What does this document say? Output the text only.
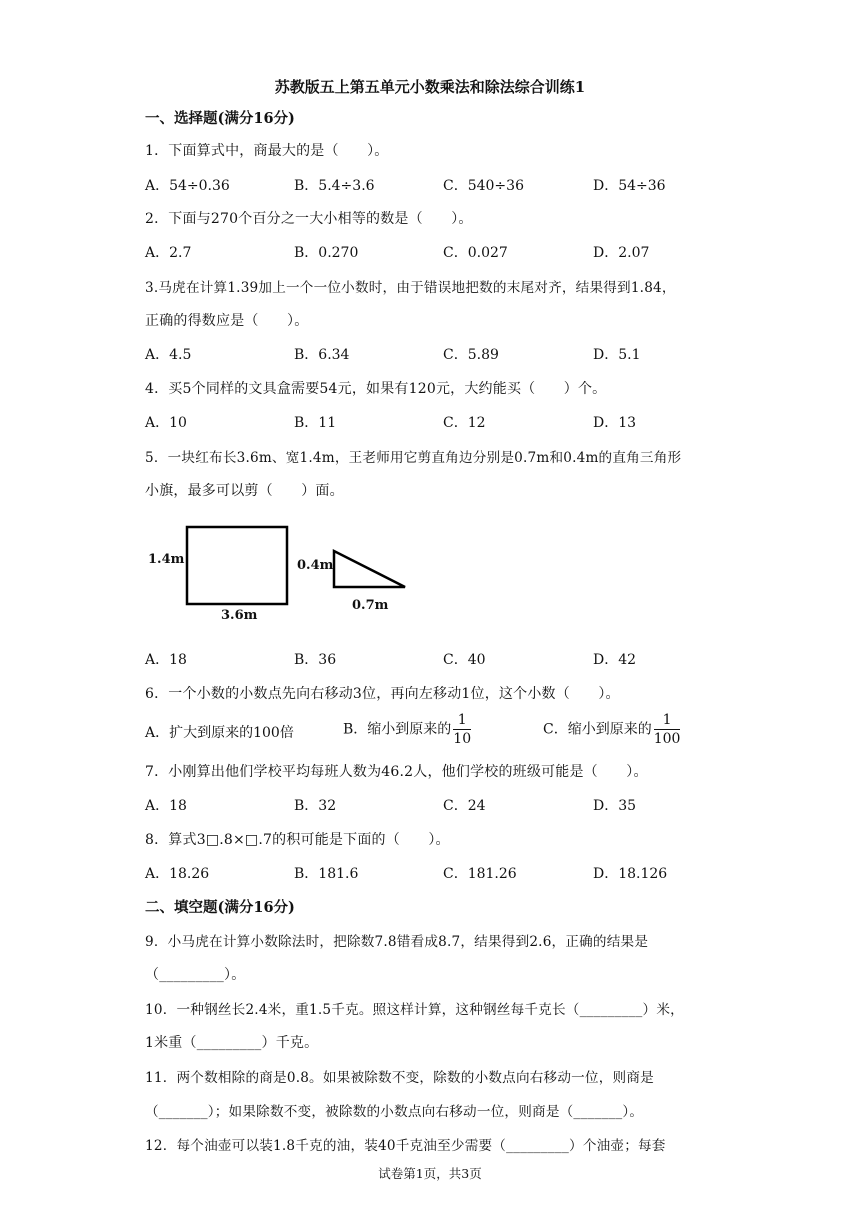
苏教版五上第五单元小数乘法和除法综合训练1
一、选择题(满分16分)
1．下面算式中，商最大的是（　　）。
A．54÷0.36	B．5.4÷3.6	C．540÷36	D．54÷36
2．下面与270个百分之一大小相等的数是（　　）。
A．2.7	B．0.270	C．0.027	D．2.07
3.马虎在计算1.39加上一个一位小数时，由于错误地把数的末尾对齐，结果得到1.84，
正确的得数应是（　　）。
A．4.5	B．6.34	C．5.89	D．5.1
4．买5个同样的文具盒需要54元，如果有120元，大约能买（　　）个。
A．10	B．11	C．12	D．13
5．一块红布长3.6m、宽1.4m，王老师用它剪直角边分别是0.7m和0.4m的直角三角形
小旗，最多可以剪（　　）面。
1.4m
3.6m
0.4m
0.7m
A．18	B．36	C．40	D．42
6．一个小数的小数点先向右移动3位，再向左移动1位，这个小数（　　）。
A．扩大到原来的100倍	B．缩小到原来的 $\frac{1}{10}$	C．缩小到原来的 $\frac{1}{100}$
7．小刚算出他们学校平均每班人数为46.2人，他们学校的班级可能是（　　）。
A．18	B．32	C．24	D．35
8．算式3□.8×□.7的积可能是下面的（　　）。
A．18.26	B．181.6	C．181.26	D．18.126
二、填空题(满分16分)
9．小马虎在计算小数除法时，把除数7.8错看成8.7，结果得到2.6，正确的结果是
（_________）。
10．一种钢丝长2.4米，重1.5千克。照这样计算，这种钢丝每千克长（_________）米，
1米重（_________）千克。
11．两个数相除的商是0.8。如果被除数不变，除数的小数点向右移动一位，则商是
（_______）；如果除数不变，被除数的小数点向右移动一位，则商是（_______）。
12．每个油壶可以装1.8千克的油，装40千克油至少需要（_________）个油壶；每套
试卷第1页，共3页
